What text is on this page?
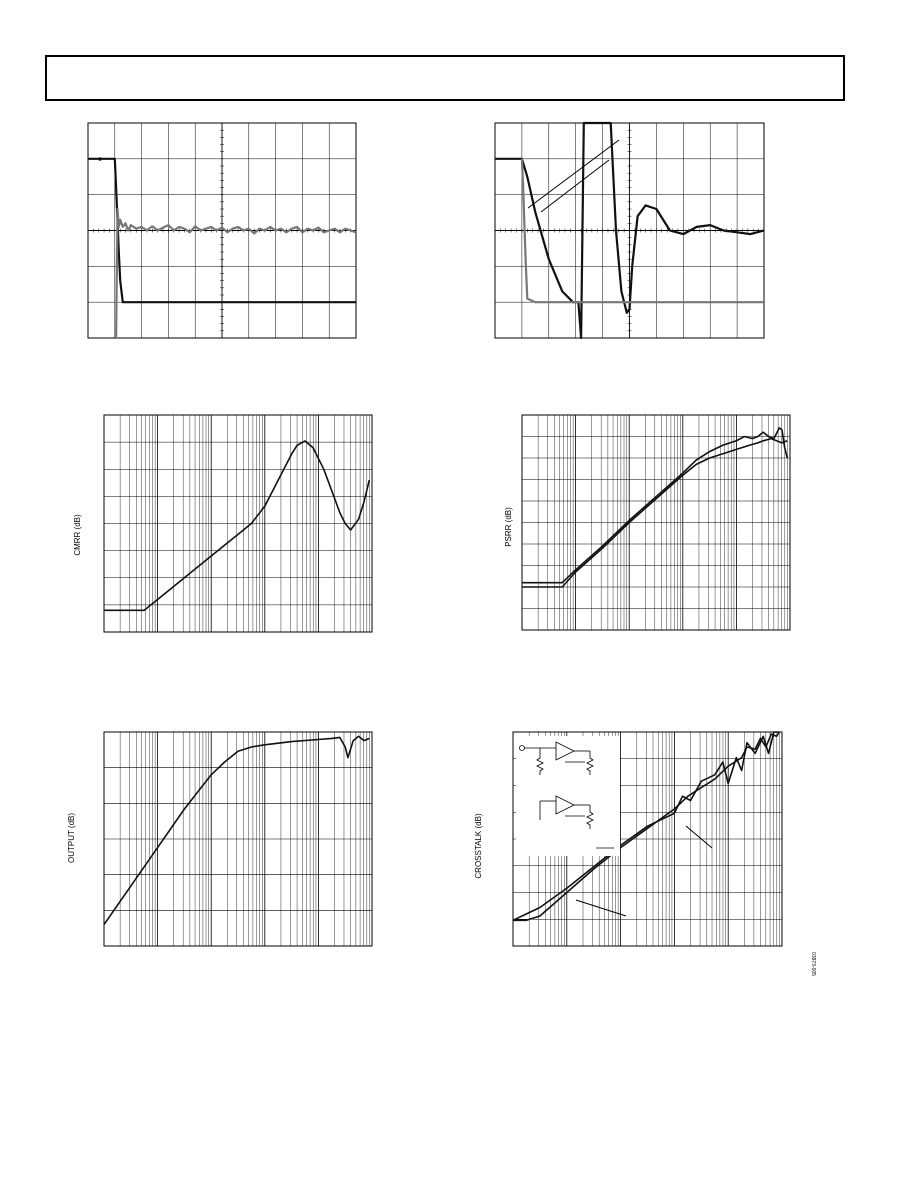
CMRR (dB)	PSRR (dB)
OUTPUT (dB)	CROSSTALK (dB)
03873-005
